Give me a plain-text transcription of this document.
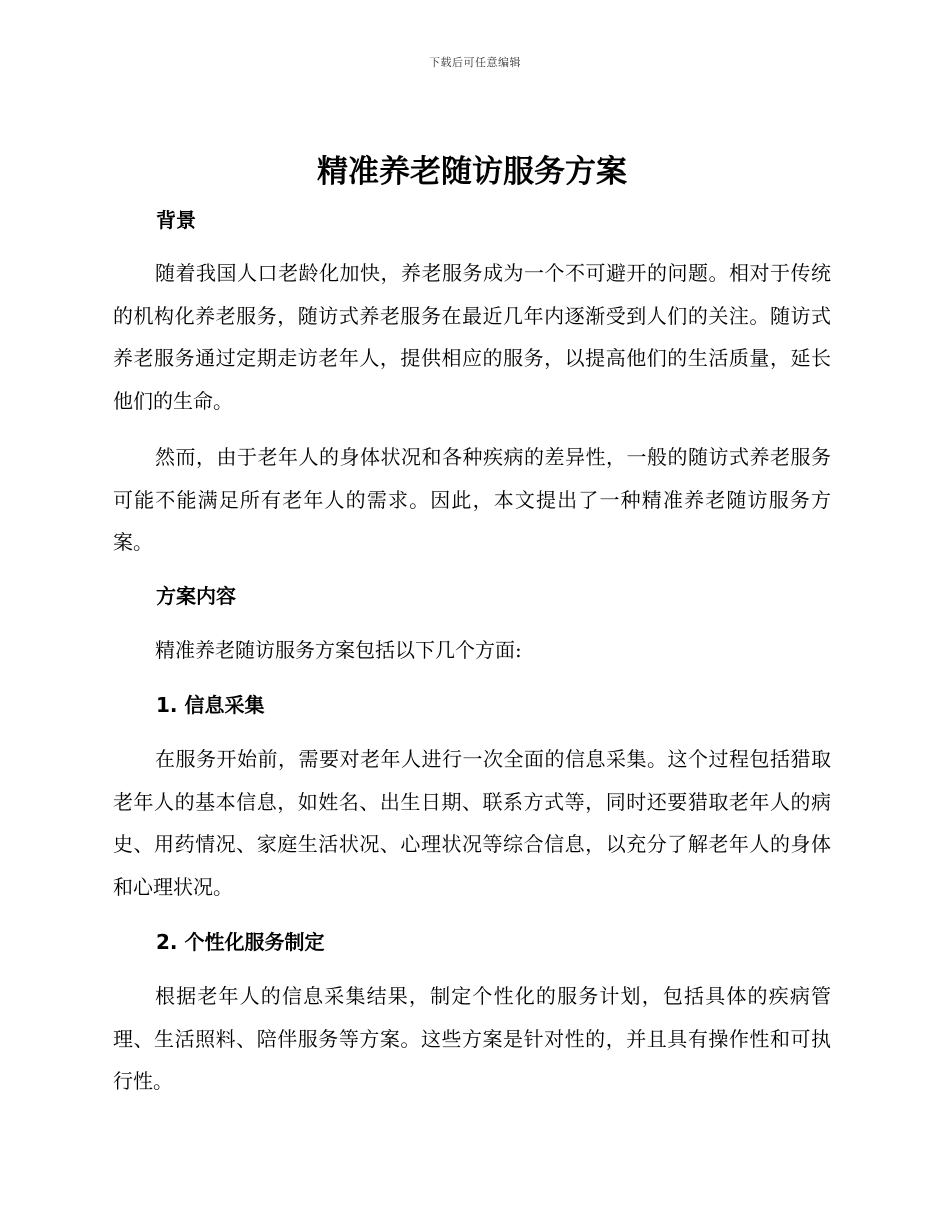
下载后可任意编辑
精准养老随访服务方案
背景

随着我国人口老龄化加快，养老服务成为一个不可避开的问题。相对于传统的机构化养老服务，随访式养老服务在最近几年内逐渐受到人们的关注。随访式养老服务通过定期走访老年人，提供相应的服务，以提高他们的生活质量，延长他们的生命。

然而，由于老年人的身体状况和各种疾病的差异性，一般的随访式养老服务可能不能满足所有老年人的需求。因此，本文提出了一种精准养老随访服务方案。

方案内容

精准养老随访服务方案包括以下几个方面:

1. 信息采集

在服务开始前，需要对老年人进行一次全面的信息采集。这个过程包括猎取老年人的基本信息，如姓名、出生日期、联系方式等，同时还要猎取老年人的病史、用药情况、家庭生活状况、心理状况等综合信息，以充分了解老年人的身体和心理状况。

2. 个性化服务制定

根据老年人的信息采集结果，制定个性化的服务计划，包括具体的疾病管理、生活照料、陪伴服务等方案。这些方案是针对性的，并且具有操作性和可执行性。
